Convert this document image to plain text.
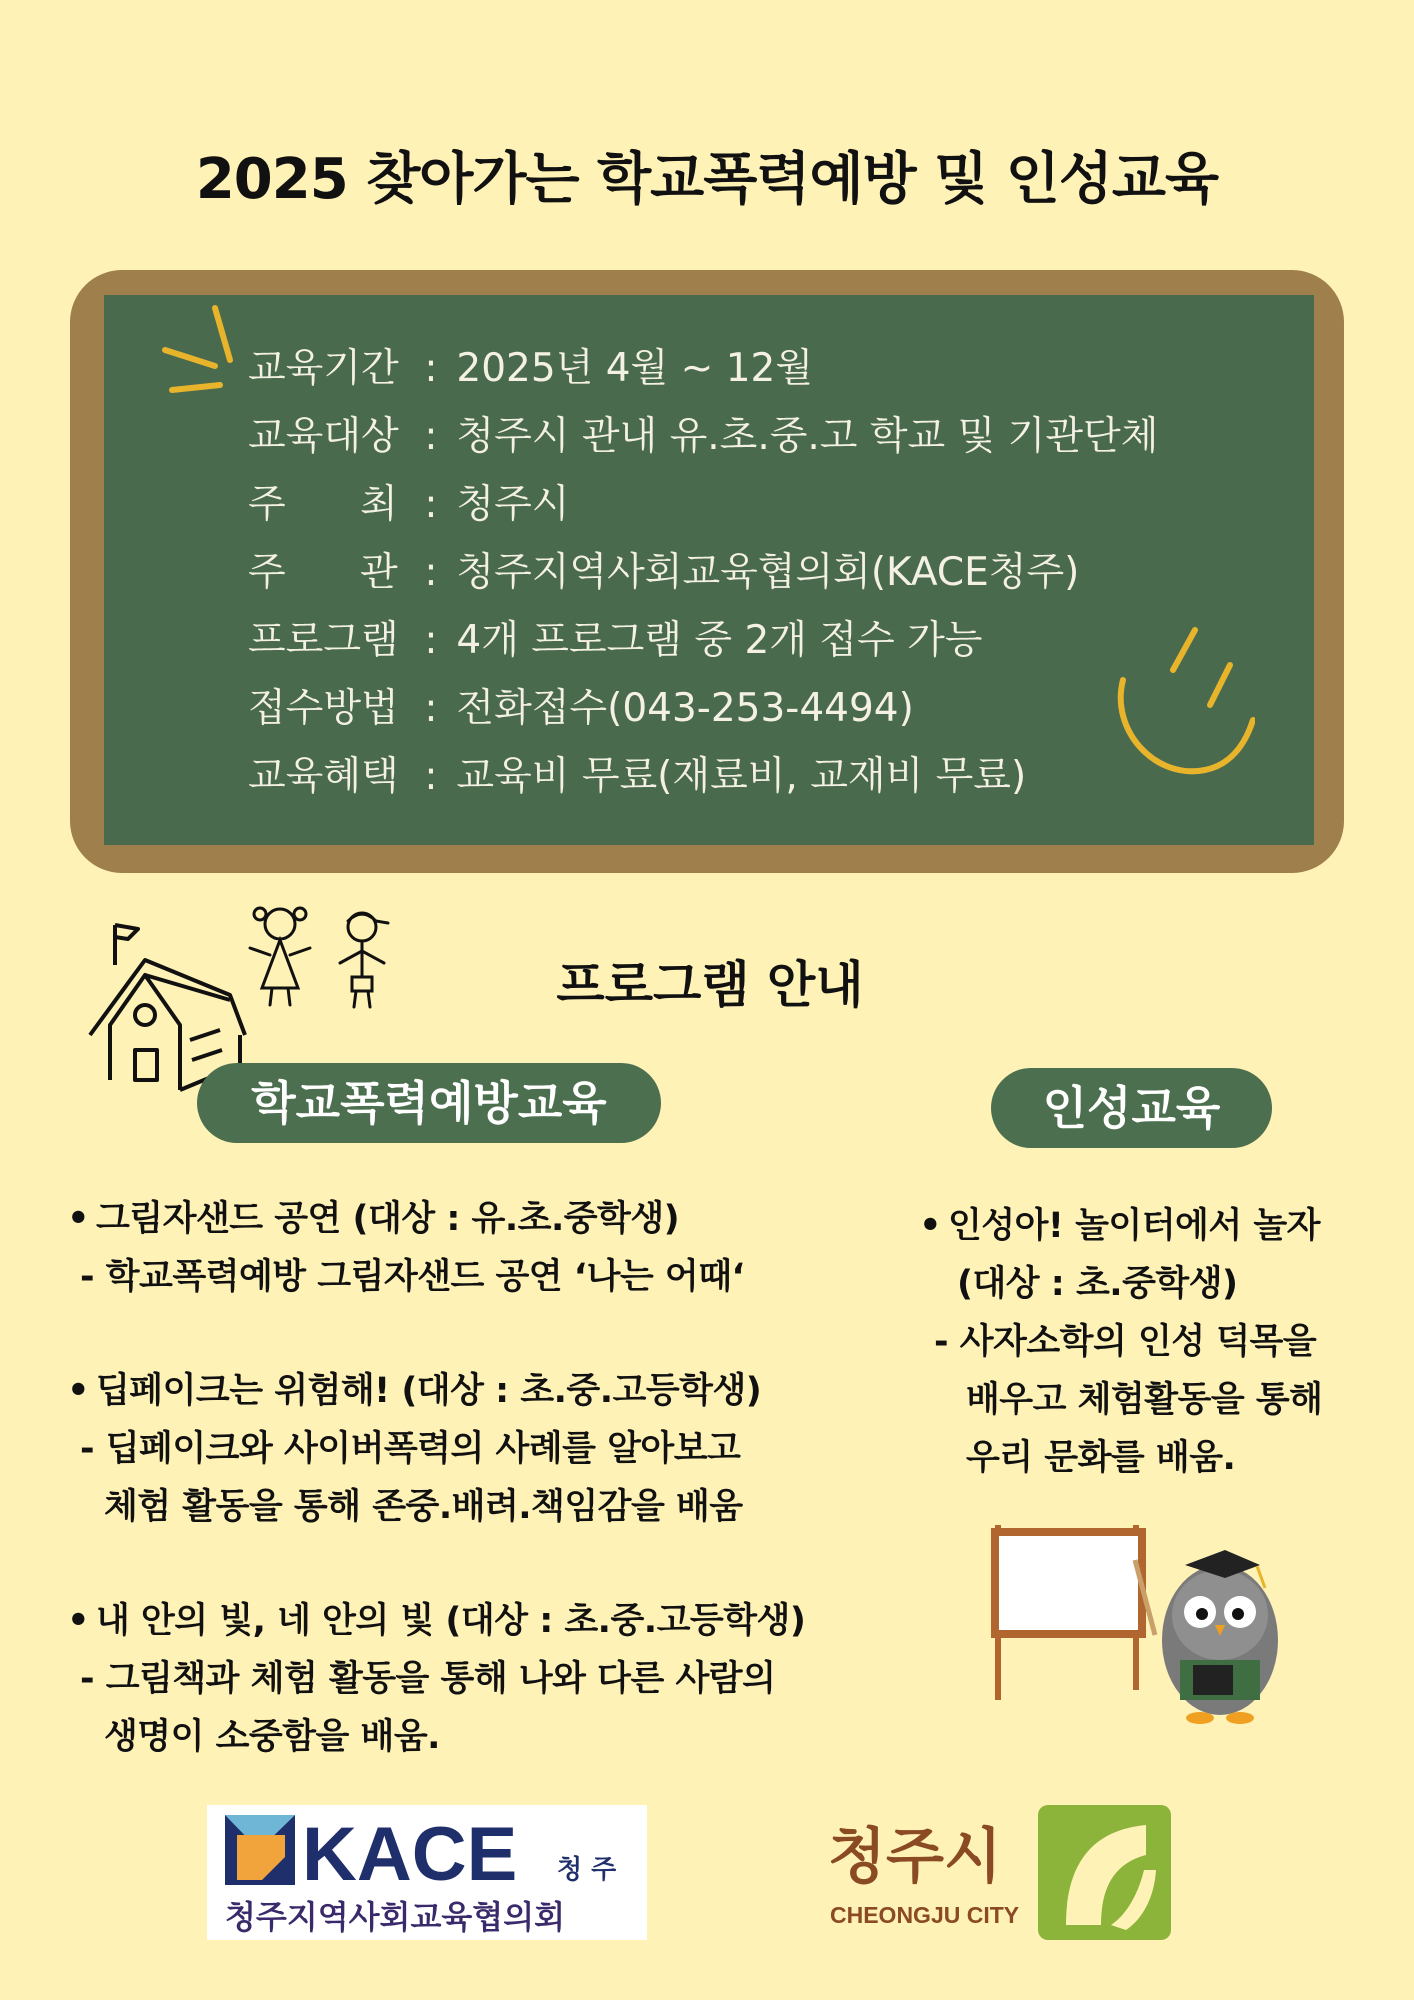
2025 찾아가는 학교폭력예방 및 인성교육
교육기간 : 2025년 4월 ~ 12월
교육대상 : 청주시 관내 유.초.중.고 학교 및 기관단체
주      최 : 청주시
주      관 : 청주지역사회교육협의회(KACE청주)
프로그램 : 4개 프로그램 중 2개 접수 가능
접수방법 : 전화접수(043-253-4494)
교육혜택 : 교육비 무료(재료비, 교재비 무료)
프로그램 안내
학교폭력예방교육	인성교육
• 그림자샌드 공연 (대상 : 유.초.중학생)
- 학교폭력예방 그림자샌드 공연 ‘나는 어때‘
• 딥페이크는 위험해! (대상 : 초.중.고등학생)
- 딥페이크와 사이버폭력의 사례를 알아보고
체험 활동을 통해 존중.배려.책임감을 배움
• 내 안의 빛, 네 안의 빛 (대상 : 초.중.고등학생)
- 그림책과 체험 활동을 통해 나와 다른 사람의
생명이 소중함을 배움.
• 인성아! 놀이터에서 놀자
(대상 : 초.중학생)
- 사자소학의 인성 덕목을
배우고 체험활동을 통해
우리 문화를 배움.
KACE 청 주
청주지역사회교육협의회
청주시
CHEONGJU CITY
